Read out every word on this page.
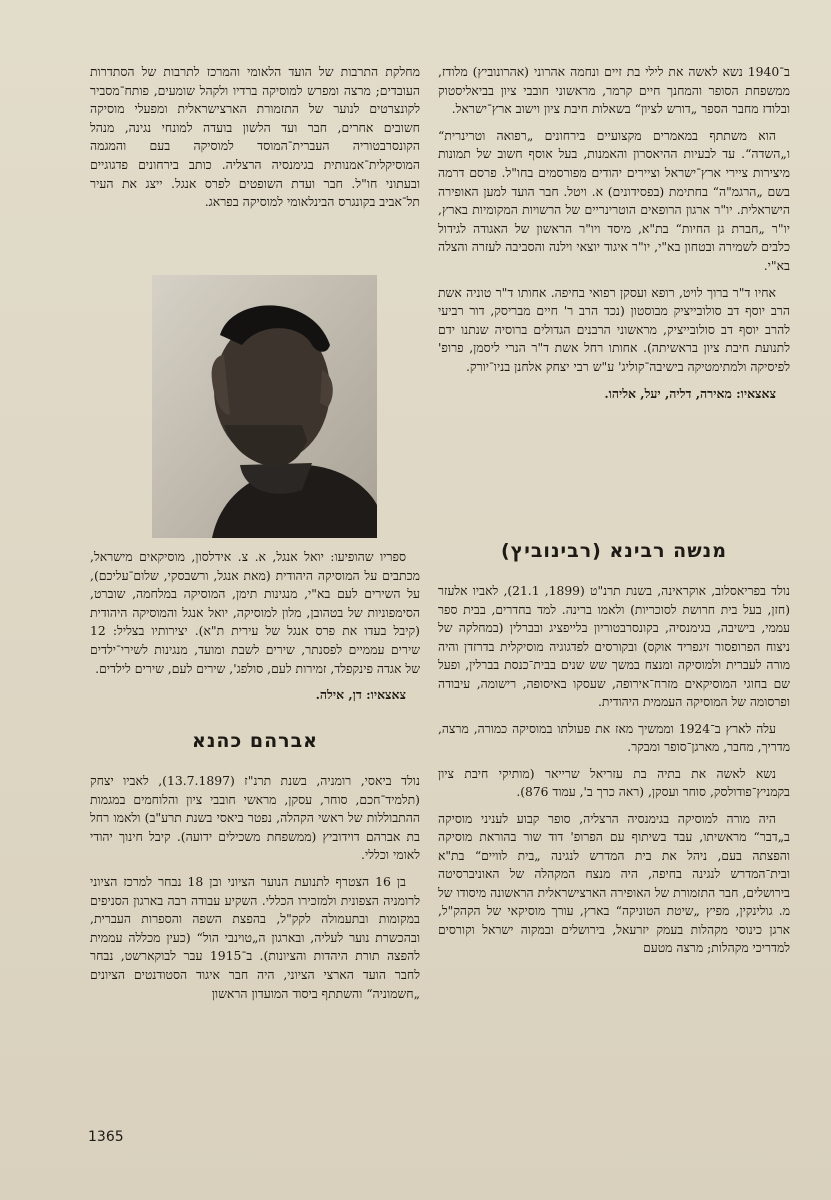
ב־1940 נשא לאשה את לילי בת זיים ונחמה אהרוני (אהרונוביץ) מלודז, ממשפחת הסופר והמחנך חיים קרמר, מראשוני חובבי ציון בביאליסטוק ובלודז מחבר הספר „דורש לציון“ בשאלות חיבת ציון וישוב ארץ־ישראל.

הוא משתתף במאמרים מקצועיים בירחונים „רפואה וטרינרית“ ו„השדה“. עד לבעיות ההיאסרון והאמנות, בעל אוסף חשוב של תמונות מיצירות ציירי ארץ־ישראל וציירים יהודים מפורסמים בחו"ל. פרסם דרמה בשם „הרגמ"ה“ בחתימת (בפסידונים) א. ויטל. חבר הועד למען האופירה הישראלית. יו"ר ארגון הרופאים הוטרינריים של הרשויות המקומיות בארץ, יו"ר „חברת גן החיות“ בת"א, מיסד ויו"ר הראשון של האגודה לגידול כלבים לשמירה ובטחון בא"י, יו"ר איגוד יוצאי וילנה והסביבה לעזרה והצלה בא"י.

אחיו ד"ר ברוך לויט, רופא ועסקן רפואי בחיפה. אחותו ד"ר טוניה אשת הרב יוסף דב סולובייציק מבוסטון (נכד הרב ר' חיים מבריסק, דור רביעי להרב יוסף דב סולובייציק, מראשוני הרבנים הגדולים ברוסיה שנתנו ידם לתנועת חיבת ציון בראשיתה). אחותו רחל אשת ד"ר הנרי ליסמן, פרופ' לפיסיקה ולמתימטיקה בישיבה־קוליג' ע"ש רבי יצחק אלחנן בניו־יורק.

צאצאיו: מאירה, דליה, יעל, אליהו.

מנשה רבינא (רבינוביץ)

נולד בפריאסלוב, אוקראינה, בשנת תרנ"ט (1899, 21.1), לאביו אלעזר (חזן, בעל בית חרושת לסוכריות) ולאמו ברינה. למד בחדרים, בבית ספר עממי, בישיבה, בגימנסיה, בקונסרבטוריון בלייפציג ובברלין (במחלקה של ניצוח הפרופסור זיגפריד אוקס) ובקורסים לפדגוגיה מוסיקלית בדרזדן והיה מורה לעברית ולמוסיקה ומנצח במשך שש שנים בבית־כנסת בברלין, ופעל שם בחוגי המוסיקאים מזרח־אירופה, שעסקו באיסופה, רישומה, עיבודה ופרסומה של המוסיקה העממית היהודית.

עלה לארץ ב־1924 וממשיך מאז את פעולתו במוסיקה כמורה, מרצה, מדריך, מחבר, מארגן־סופר ומבקר.

נשא לאשה את בתיה בת עזריאל שרייאר (מותיקי חיבת ציון בקמניץ־פודולסק, סוחר ועסקן, (ראה כרך ב', עמוד 876).

היה מורה למוסיקה בגימנסיה הרצליה, סופר קבוע לעניני מוסיקה ב„דבר“ מראשיתו, עבד בשיתוף עם הפרופ' דוד שור בהוראת מוסיקה והפצתה בעם, ניהל את בית המדרש לנגינה „בית לוויים“ בת"א ובית־המדרש לנגינה בחיפה, היה מנצח המקהלה של האוניברסיטה בירושלים, חבר התזמורת של האופירה הארצישראלית הראשונה מיסודו של מ. גולינקין, מפיץ „שיטת הטוניקה“ בארץ, עורך מוסיקאי של הקהק"ל, ארגן כינוסי מקהלות בעמק יזרעאל, בירושלים ובמקוה ישראל וקורסים למדריכי מקהלות; מרצה מטעם

מחלקת התרבות של הועד הלאומי והמרכז לתרבות של הסתדרות העובדים; מרצה ומפרש למוסיקה ברדיו ולקהל שומעים, פותח־מסביר לקונצרטים לנוער של התזמורת הארצישראלית ומפעלי מוסיקה חשובים אחרים, חבר ועד הלשון בועדה למונחי נגינה, מנהל הקונסרבטוריה העברית־המוסד למוסיקה בעם והמגמה המוסיקלית־אמנותית בגימנסיה הרצליה. כותב בירחונים פדגוגיים ובעתוני חו"ל. חבר ועדת השופטים לפרס אנגל. ייצג את העיר תל־אביב בקונגרס הבינלאומי למוסיקה בפראג.

ספריו שהופיעו: יואל אנגל, א. צ. אידלסון, מוסיקאים מישראל, מכתבים על המוסיקה היהודית (מאת אנגל, ורשבסקי, שלום־עליכם), על השירים לעם בא"י, מנגינות תימן, המוסיקה במלחמה, שוברט, הסימפוניות של בטהובן, מלון למוסיקה, יואל אנגל והמוסיקה היהודית (קיבל בעדו את פרס אנגל של עירית ת"א). יצירותיו בצליל: 12 שירים עממיים לפסנתר, שירים לשבת ומועד, מנגינות לשירי־ילדים של אגדה פינקפלד, זמירות לעם, סולפג', שירים לעם, שירים לילדים.

צאצאיו: דן, אילה.

אברהם כהנא

נולד ביאסי, רומניה, בשנת תרנ"ז (13.7.1897), לאביו יצחק (תלמיד־חכם, סוחר, עסקן, מראשי חובבי ציון והלוחמים במגמות ההתבוללות של ראשי הקהלה, נפטר ביאסי בשנת תרע"ב) ולאמו רחל בת אברהם דוידוביץ (ממשפחת משכילים ידועה). קיבל חינוך יהודי לאומי וכללי.

בן 16 הצטרף לתנועת הנוער הציוני ובן 18 נבחר למרכז הציוני לרומניה הצפונית ולמזכירו הכללי. השקיע עבודה רבה בארגון הסניפים במקומות ובתעמולה לקק"ל, בהפצת השפה והספרות העברית, ובהכשרת נוער לעליה, ובארגון ה„טוינבי הול“ (כעין מכללה עממית להפצה תורת היהדות והציונות). ב־1915 עבר לבוקארשט, נבחר לחבר הועד הארצי הציוני, היה חבר איגוד הסטודנטים הציונים „חשמוניה“ והשתתף ביסוד המועדון הראשון

1365
